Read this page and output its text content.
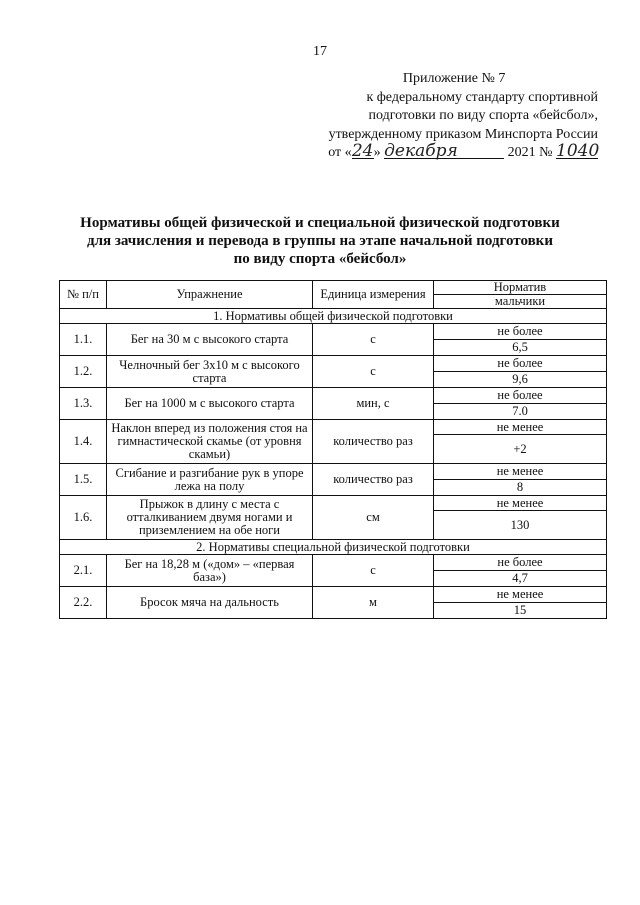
17
Приложение № 7
к федеральному стандарту спортивной
подготовки по виду спорта «бейсбол»,
утвержденному приказом Минспорта России
от «24» декабря	2021 № 1040
Нормативы общей физической и специальной физической подготовки
для зачисления и перевода в группы на этапе начальной подготовки
по виду спорта «бейсбол»
№ п/п	Упражнение	Единица измерения	Норматив
			мальчики
1. Нормативы общей физической подготовки			
1.1.	Бег на 30 м с высокого старта	с	не более
			6,5
1.2.	Челночный бег 3х10 м с высокого старта	с	не более
			9,6
1.3.	Бег на 1000 м с высокого старта	мин, с	не более
			7.0
1.4.	Наклон вперед из положения стоя на гимнастической скамье (от уровня скамьи)	количество раз	не менее
			+2
1.5.	Сгибание и разгибание рук в упоре лежа на полу	количество раз	не менее
			8
1.6.	Прыжок в длину с места с отталкиванием двумя ногами и приземлением на обе ноги	см	не менее
			130
2. Нормативы специальной физической подготовки			
2.1.	Бег на 18,28 м («дом» – «первая база»)	с	не более
			4,7
2.2.	Бросок мяча на дальность	м	не менее
			15
